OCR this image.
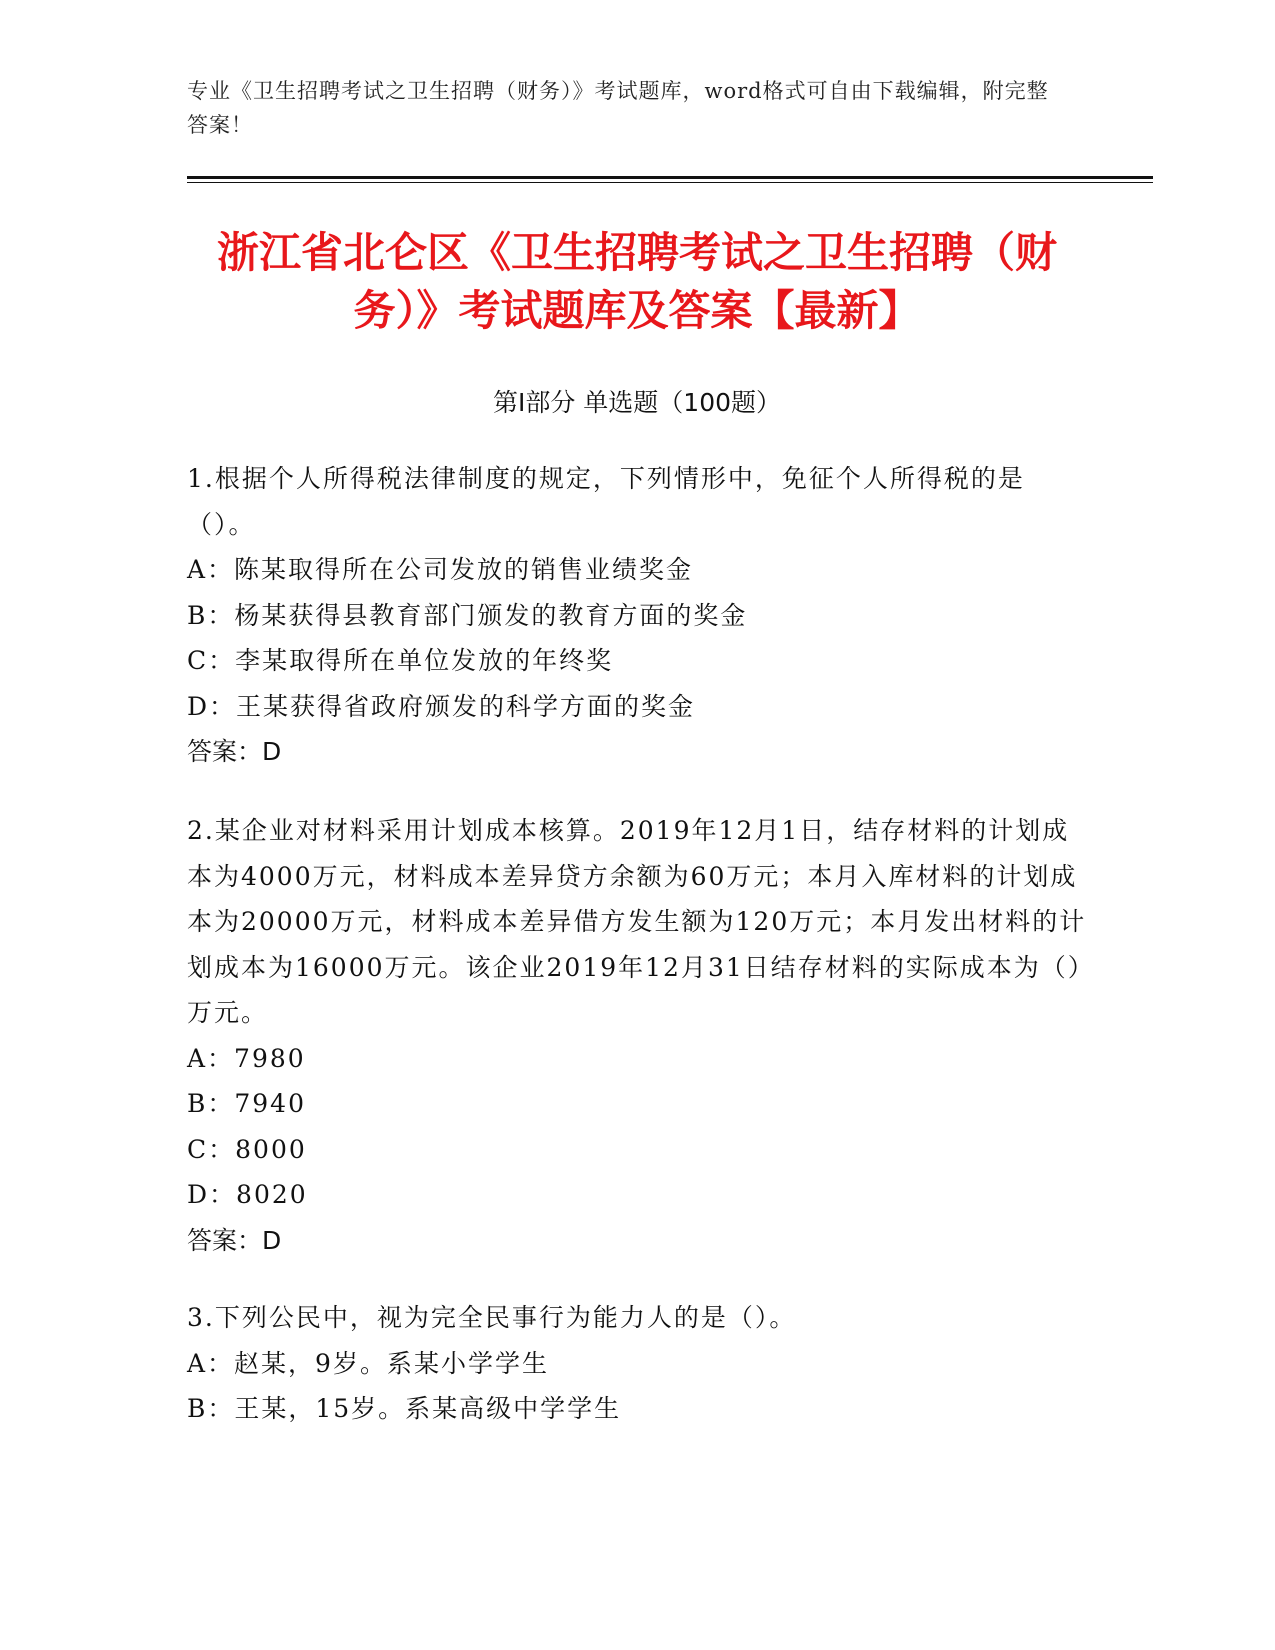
专业《卫生招聘考试之卫生招聘（财务）》考试题库，word格式可自由下载编辑，附完整答案！
浙江省北仑区《卫生招聘考试之卫生招聘（财务）》考试题库及答案【最新】
第I部分 单选题（100题）
1.根据个人所得税法律制度的规定，下列情形中，免征个人所得税的是（）。
A：陈某取得所在公司发放的销售业绩奖金
B：杨某获得县教育部门颁发的教育方面的奖金
C：李某取得所在单位发放的年终奖
D：王某获得省政府颁发的科学方面的奖金
答案：D
2.某企业对材料采用计划成本核算。2019年12月1日，结存材料的计划成本为4000万元，材料成本差异贷方余额为60万元；本月入库材料的计划成本为20000万元，材料成本差异借方发生额为120万元；本月发出材料的计划成本为16000万元。该企业2019年12月31日结存材料的实际成本为（）万元。
A：7980
B：7940
C：8000
D：8020
答案：D
3.下列公民中，视为完全民事行为能力人的是（）。
A：赵某，9岁。系某小学学生
B：王某，15岁。系某高级中学学生
